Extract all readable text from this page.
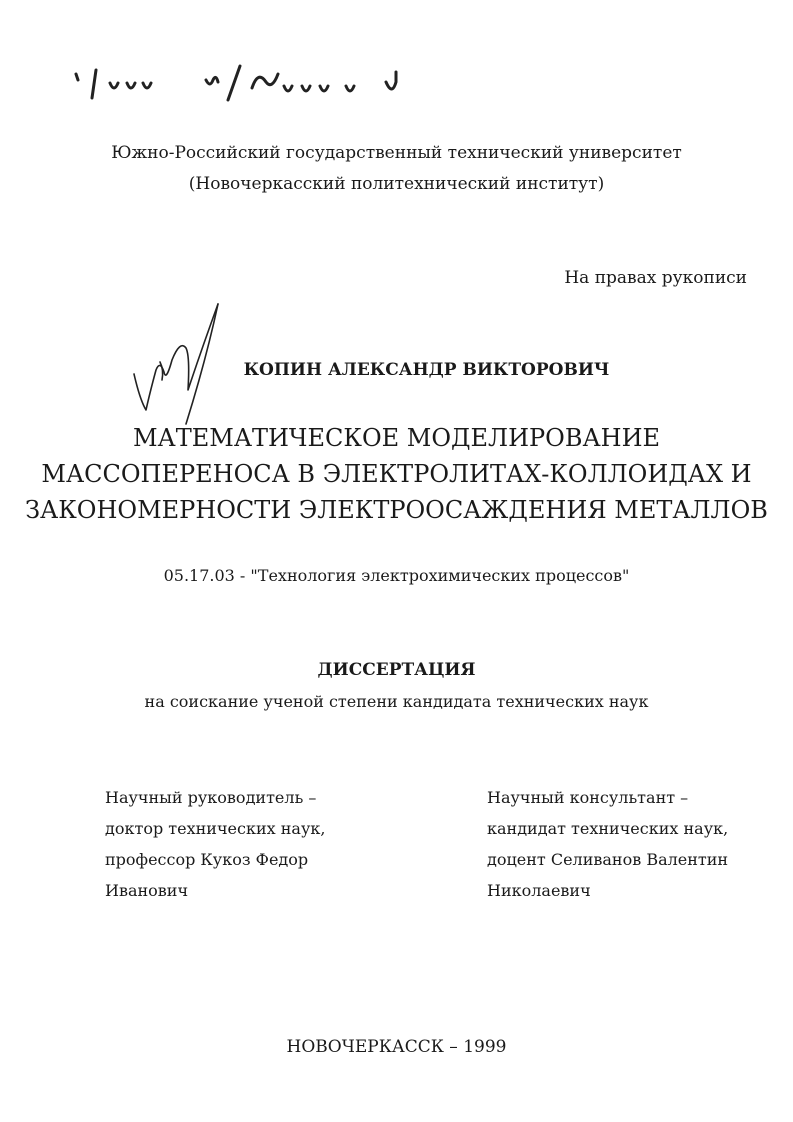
Южно-Российский государственный технический университет
(Новочеркасский политехнический институт)
На правах рукописи
КОПИН АЛЕКСАНДР ВИКТОРОВИЧ
МАТЕМАТИЧЕСКОЕ МОДЕЛИРОВАНИЕ
МАССОПЕРЕНОСА В ЭЛЕКТРОЛИТАХ-КОЛЛОИДАХ И
ЗАКОНОМЕРНОСТИ ЭЛЕКТРООСАЖДЕНИЯ МЕТАЛЛОВ
05.17.03 - "Технология электрохимических процессов"
ДИССЕРТАЦИЯ
на соискание ученой степени кандидата технических наук
Научный руководитель –
доктор технических наук,
профессор Кукоз Федор
Иванович
Научный консультант –
кандидат технических наук,
доцент Селиванов Валентин
Николаевич
НОВОЧЕРКАССК – 1999
